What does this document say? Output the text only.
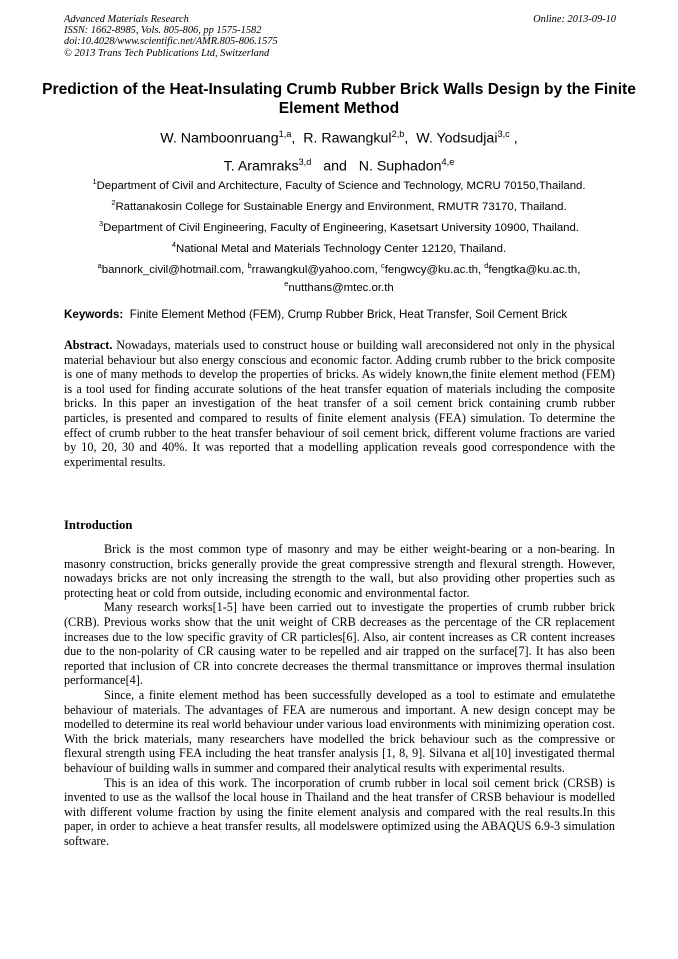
Advanced Materials Research
ISSN: 1662-8985, Vols. 805-806, pp 1575-1582
doi:10.4028/www.scientific.net/AMR.805-806.1575
© 2013 Trans Tech Publications Ltd, Switzerland
Online: 2013-09-10
Prediction of the Heat-Insulating Crumb Rubber Brick Walls Design by the Finite Element Method
W. Namboonruang$^{1,a}$,  R. Rawangkul$^{2,b}$,  W. Yodsudjai$^{3,c}$ ,
T. Aramraks$^{3,d}$ and N. Suphadon$^{4,e}$
$^1$Department of Civil and Architecture, Faculty of Science and Technology, MCRU 70150,Thailand.
$^2$Rattanakosin College for Sustainable Energy and Environment, RMUTR 73170, Thailand.
$^3$Department of Civil Engineering, Faculty of Engineering, Kasetsart University 10900, Thailand.
$^4$National Metal and Materials Technology Center 12120, Thailand.
$^a$bannork_civil@hotmail.com, $^b$rrawangkul@yahoo.com, $^c$fengwcy@ku.ac.th, $^d$fengtka@ku.ac.th,
$^e$nutthans@mtec.or.th
Keywords: Finite Element Method (FEM), Crump Rubber Brick, Heat Transfer, Soil Cement Brick

Abstract. Nowadays, materials used to construct house or building wall areconsidered not only in the physical material behaviour but also energy conscious and economic factor. Adding crumb rubber to the brick composite is one of many methods to develop the properties of bricks. As widely known,the finite element method (FEM) is a tool used for finding accurate solutions of the heat transfer equation of materials including the composite bricks. In this paper an investigation of the heat transfer of a soil cement brick containing crumb rubber particles, is presented and compared to results of finite element analysis (FEA) simulation. To determine the effect of crumb rubber to the heat transfer behaviour of soil cement brick, different volume fractions are varied by 10, 20, 30 and 40%. It was reported that a modelling application reveals good correspondence with the experimental results.

Introduction

Brick is the most common type of masonry and may be either weight-bearing or a non-bearing. In masonry construction, bricks generally provide the great compressive strength and flexural strength. However, nowadays bricks are not only increasing the strength to the wall, but also providing other properties such as protecting heat or cold from outside, including economic and environmental factor.

Many research works[1-5] have been carried out to investigate the properties of crumb rubber brick (CRB). Previous works show that the unit weight of CRB decreases as the percentage of the CR replacement increases due to the low specific gravity of CR particles[6]. Also, air content increases as CR content increases due to the non-polarity of CR causing water to be repelled and air trapped on the surface[7]. It has also been reported that inclusion of CR into concrete decreases the thermal transmittance or improves thermal insulation performance[4].

Since, a finite element method has been successfully developed as a tool to estimate and emulatethe behaviour of materials. The advantages of FEA are numerous and important. A new design concept may be modelled to determine its real world behaviour under various load environments with minimizing operation cost. With the brick materials, many researchers have modelled the brick behaviour such as the compressive or flexural strength using FEA including the heat transfer analysis [1, 8, 9]. Silvana et al[10] investigated thermal behaviour of building walls in summer and compared their analytical results with experimental results.

This is an idea of this work. The incorporation of crumb rubber in local soil cement brick (CRSB) is invented to use as the wallsof the local house in Thailand and the heat transfer of CRSB behaviour is modelled with different volume fraction by using the finite element analysis and compared with the real results.In this paper, in order to achieve a heat transfer results, all modelswere optimized using the ABAQUS 6.9-3 simulation software.
